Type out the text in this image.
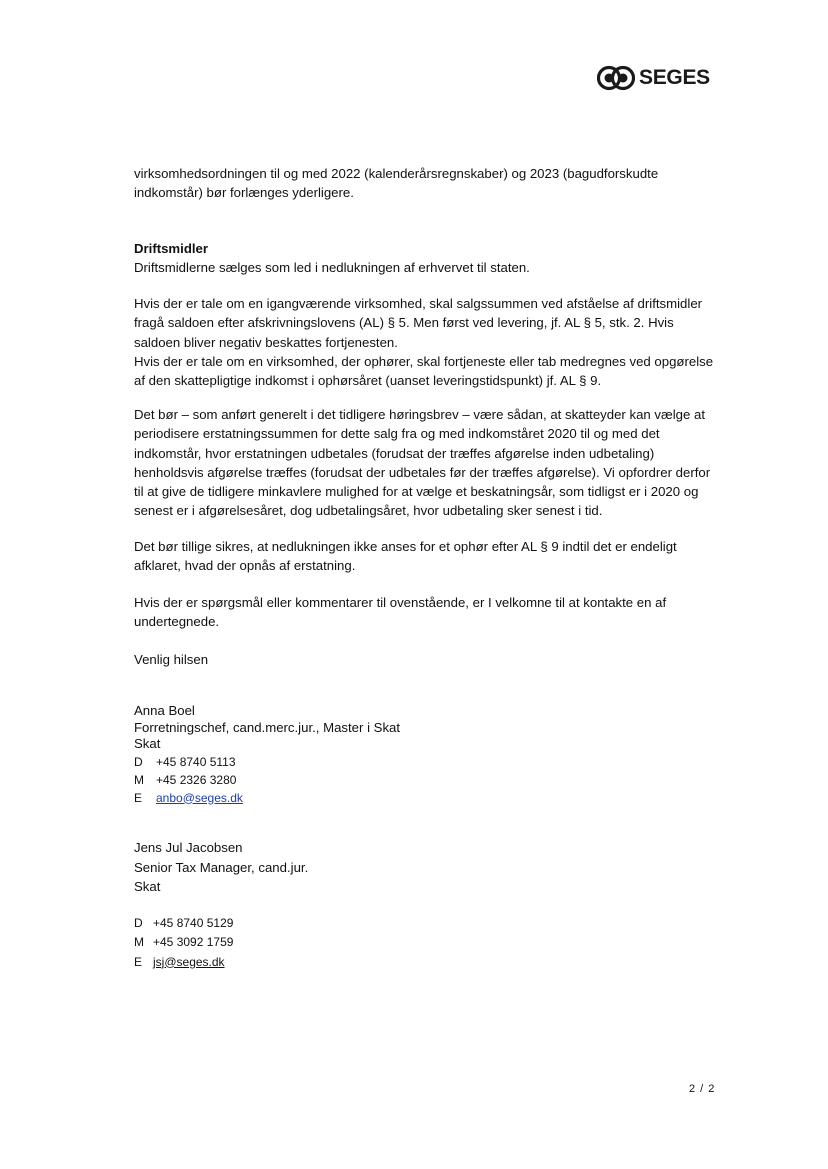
SEGES

virksomhedsordningen til og med 2022 (kalenderårsregnskaber) og 2023 (bagudforskudte indkomstår) bør forlænges yderligere.

Driftsmidler

Driftsmidlerne sælges som led i nedlukningen af erhvervet til staten.

Hvis der er tale om en igangværende virksomhed, skal salgssummen ved afståelse af driftsmidler fragå saldoen efter afskrivningslovens (AL) § 5. Men først ved levering, jf. AL § 5, stk. 2. Hvis saldoen bliver negativ beskattes fortjenesten.

Hvis der er tale om en virksomhed, der ophører, skal fortjeneste eller tab medregnes ved opgørelse af den skattepligtige indkomst i ophørsåret (uanset leveringstidspunkt) jf. AL § 9.

Det bør – som anført generelt i det tidligere høringsbrev – være sådan, at skatteyder kan vælge at periodisere erstatningssummen for dette salg fra og med indkomståret 2020 til og med det indkomstår, hvor erstatningen udbetales (forudsat der træffes afgørelse inden udbetaling) henholdsvis afgørelse træffes (forudsat der udbetales før der træffes afgørelse). Vi opfordrer derfor til at give de tidligere minkavlere mulighed for at vælge et beskatningsår, som tidligst er i 2020 og senest er i afgørelsesåret, dog udbetalingsåret, hvor udbetaling sker senest i tid.

Det bør tillige sikres, at nedlukningen ikke anses for et ophør efter AL § 9 indtil det er endeligt afklaret, hvad der opnås af erstatning.

Hvis der er spørgsmål eller kommentarer til ovenstående, er I velkomne til at kontakte en af undertegnede.

Venlig hilsen

Anna Boel
Forretningschef, cand.merc.jur., Master i Skat
Skat
D	+45 8740 5113
M	+45 2326 3280
E	anbo@seges.dk
Jens Jul Jacobsen
Senior Tax Manager, cand.jur.
Skat
D +45 8740 5129
M +45 3092 1759
E jsj@seges.dk
2 / 2
